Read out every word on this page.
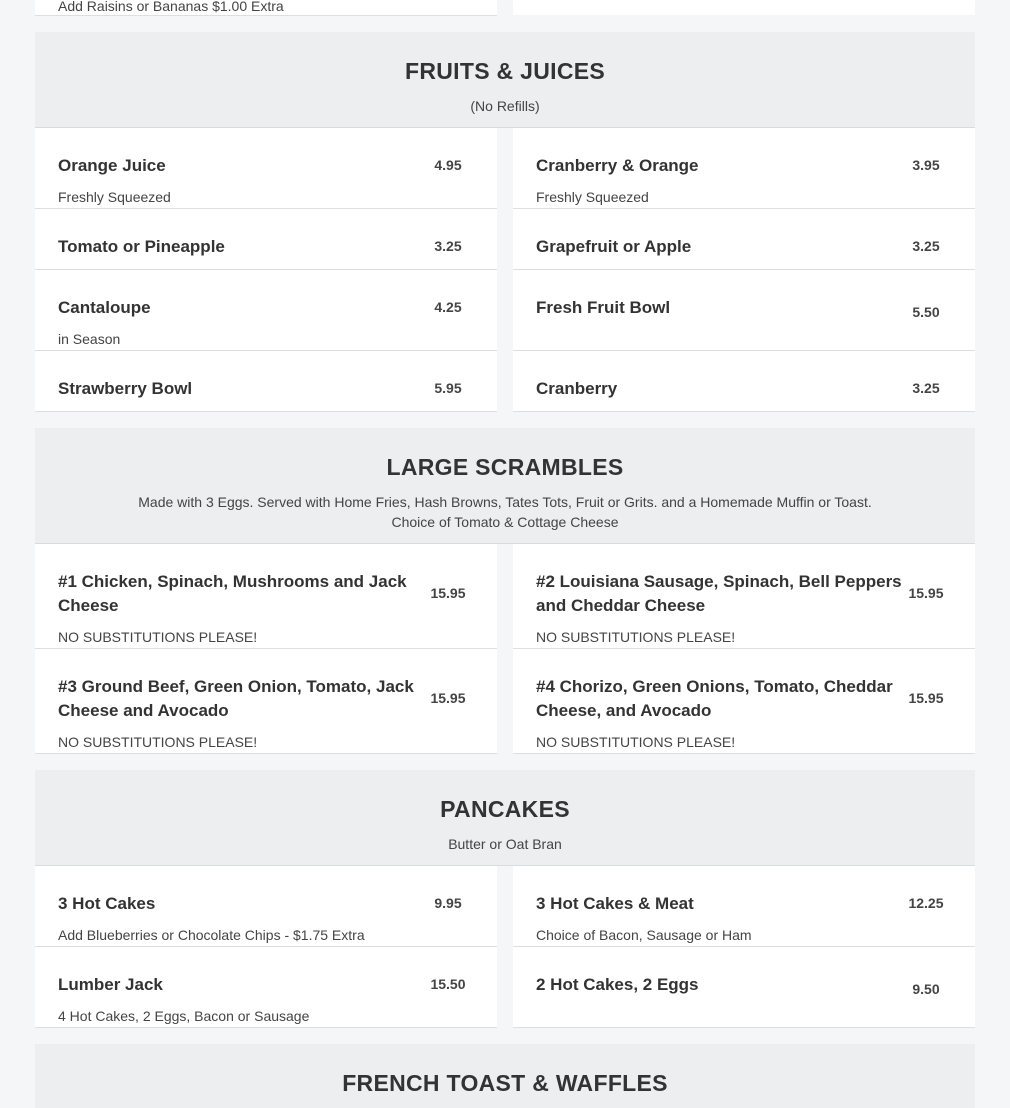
Add Raisins or Bananas $1.00 Extra
FRUITS & JUICES
(No Refills)
Orange Juice	4.95
Freshly Squeezed
Cranberry & Orange	3.95
Freshly Squeezed
Tomato or Pineapple	3.25	Grapefruit or Apple	3.25
Cantaloupe	4.25
in Season
Fresh Fruit Bowl	5.50
Strawberry Bowl	5.95	Cranberry	3.25
LARGE SCRAMBLES
Made with 3 Eggs. Served with Home Fries, Hash Browns, Tates Tots, Fruit or Grits. and a Homemade Muffin or Toast.
Choice of Tomato & Cottage Cheese
#1 Chicken, Spinach, Mushrooms and Jack
Cheese
15.95
NO SUBSTITUTIONS PLEASE!
#2 Louisiana Sausage, Spinach, Bell Peppers
and Cheddar Cheese
15.95
NO SUBSTITUTIONS PLEASE!
#3 Ground Beef, Green Onion, Tomato, Jack
Cheese and Avocado
15.95
NO SUBSTITUTIONS PLEASE!
#4 Chorizo, Green Onions, Tomato, Cheddar
Cheese, and Avocado
15.95
NO SUBSTITUTIONS PLEASE!
PANCAKES
Butter or Oat Bran
3 Hot Cakes	9.95
Add Blueberries or Chocolate Chips - $1.75 Extra
3 Hot Cakes & Meat	12.25
Choice of Bacon, Sausage or Ham
Lumber Jack	15.50
4 Hot Cakes, 2 Eggs, Bacon or Sausage
2 Hot Cakes, 2 Eggs	9.50
FRENCH TOAST & WAFFLES
